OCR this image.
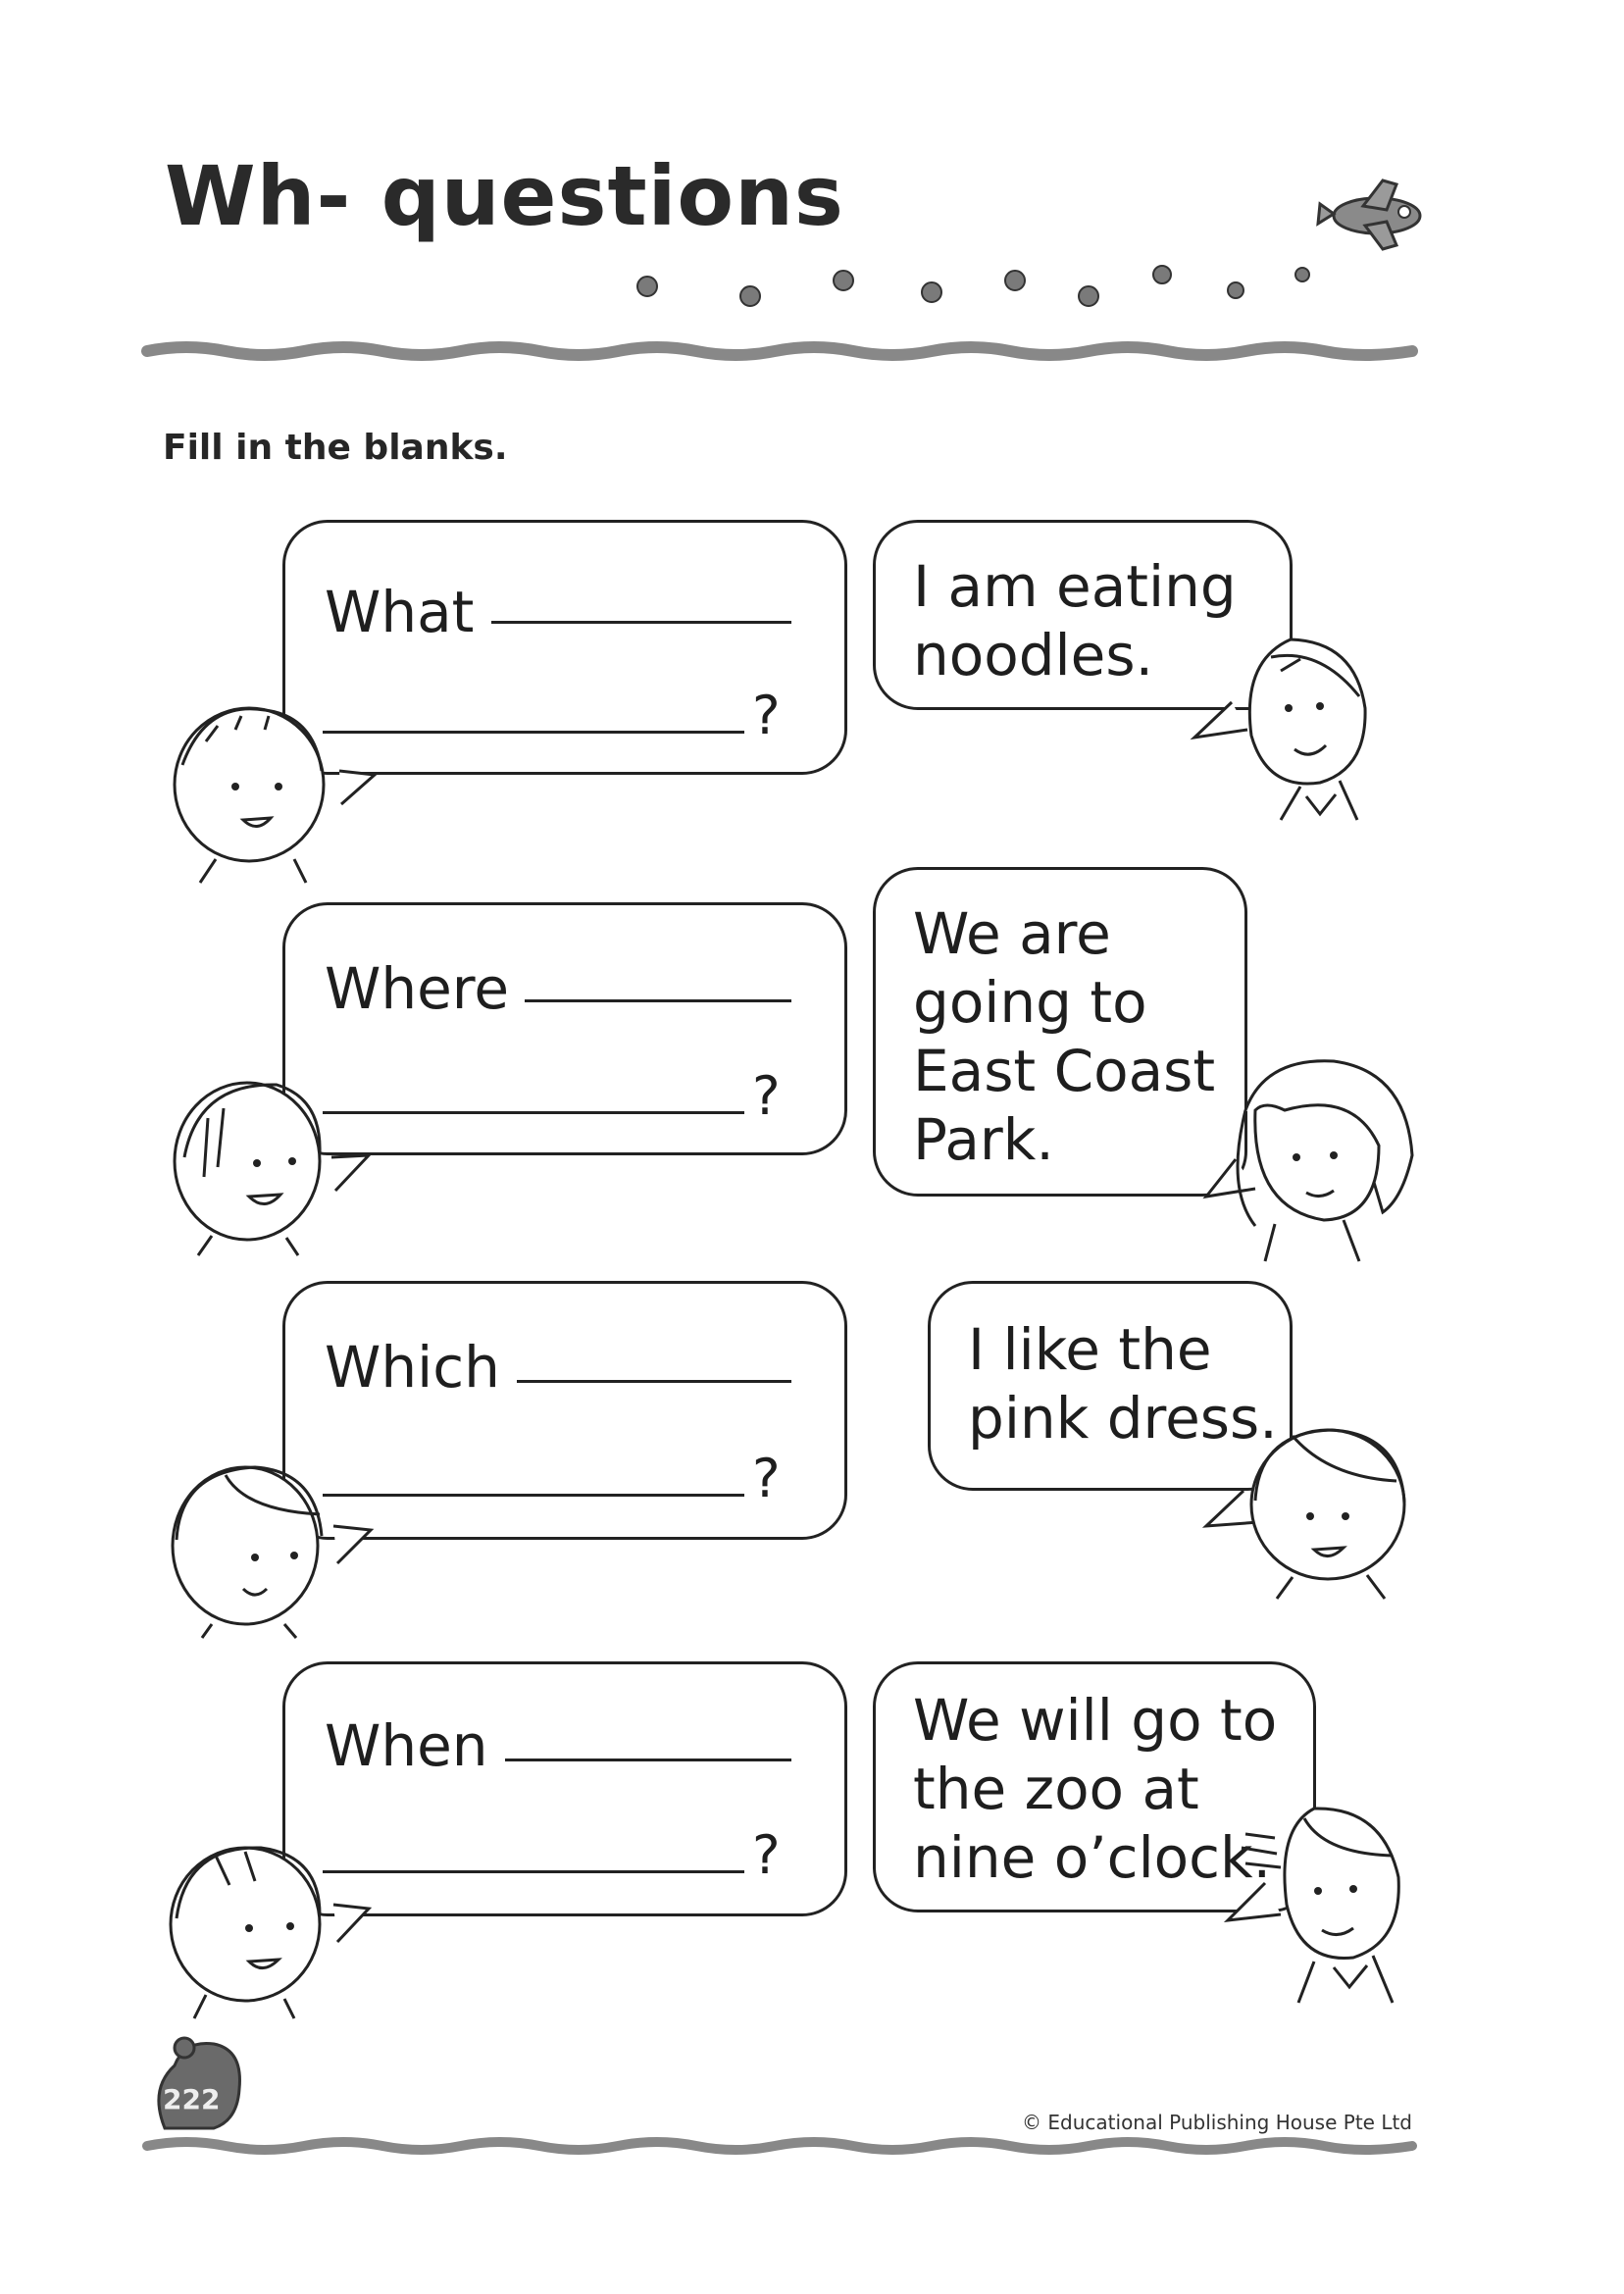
Wh- questions
Fill in the blanks.
What
?
I am eating
noodles.
Where
?
We are
going to
East Coast
Park.
Which
?
I like the
pink dress.
When
?
We will go to
the zoo at
nine o’clock.
222
© Educational Publishing House Pte Ltd
